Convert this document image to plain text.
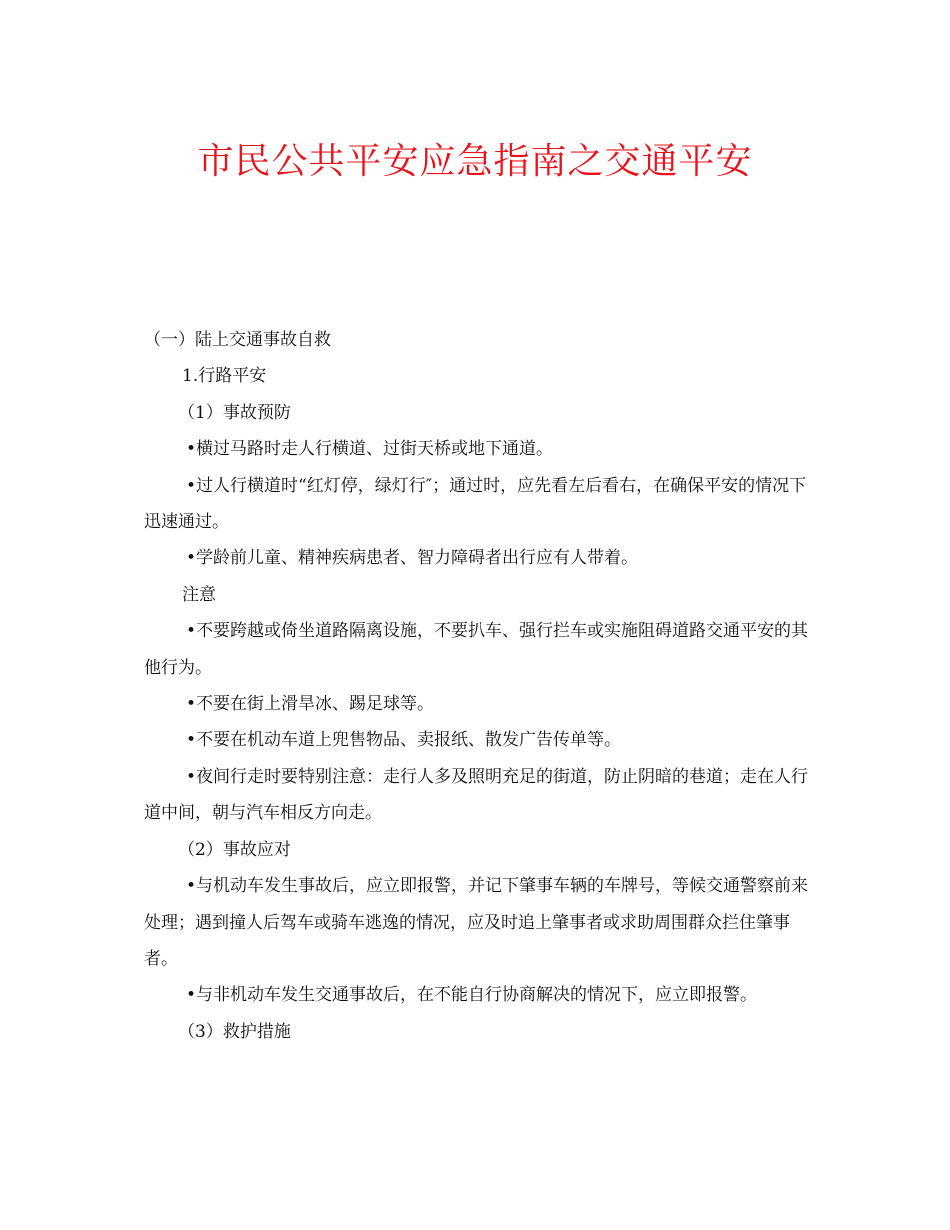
市民公共平安应急指南之交通平安

（一）陆上交通事故自救

1.行路平安

（1）事故预防

•横过马路时走人行横道、过街天桥或地下通道。

•过人行横道时“红灯停，绿灯行″；通过时，应先看左后看右，在确保平安的情况下迅速通过。

•学龄前儿童、精神疾病患者、智力障碍者出行应有人带着。

注意

•不要跨越或倚坐道路隔离设施，不要扒车、强行拦车或实施阻碍道路交通平安的其他行为。

•不要在街上滑旱冰、踢足球等。

•不要在机动车道上兜售物品、卖报纸、散发广告传单等。

•夜间行走时要特别注意：走行人多及照明充足的街道，防止阴暗的巷道；走在人行道中间，朝与汽车相反方向走。

（2）事故应对

•与机动车发生事故后，应立即报警，并记下肇事车辆的车牌号，等候交通警察前来处理；遇到撞人后驾车或骑车逃逸的情况，应及时追上肇事者或求助周围群众拦住肇事者。

•与非机动车发生交通事故后，在不能自行协商解决的情况下，应立即报警。

（3）救护措施
